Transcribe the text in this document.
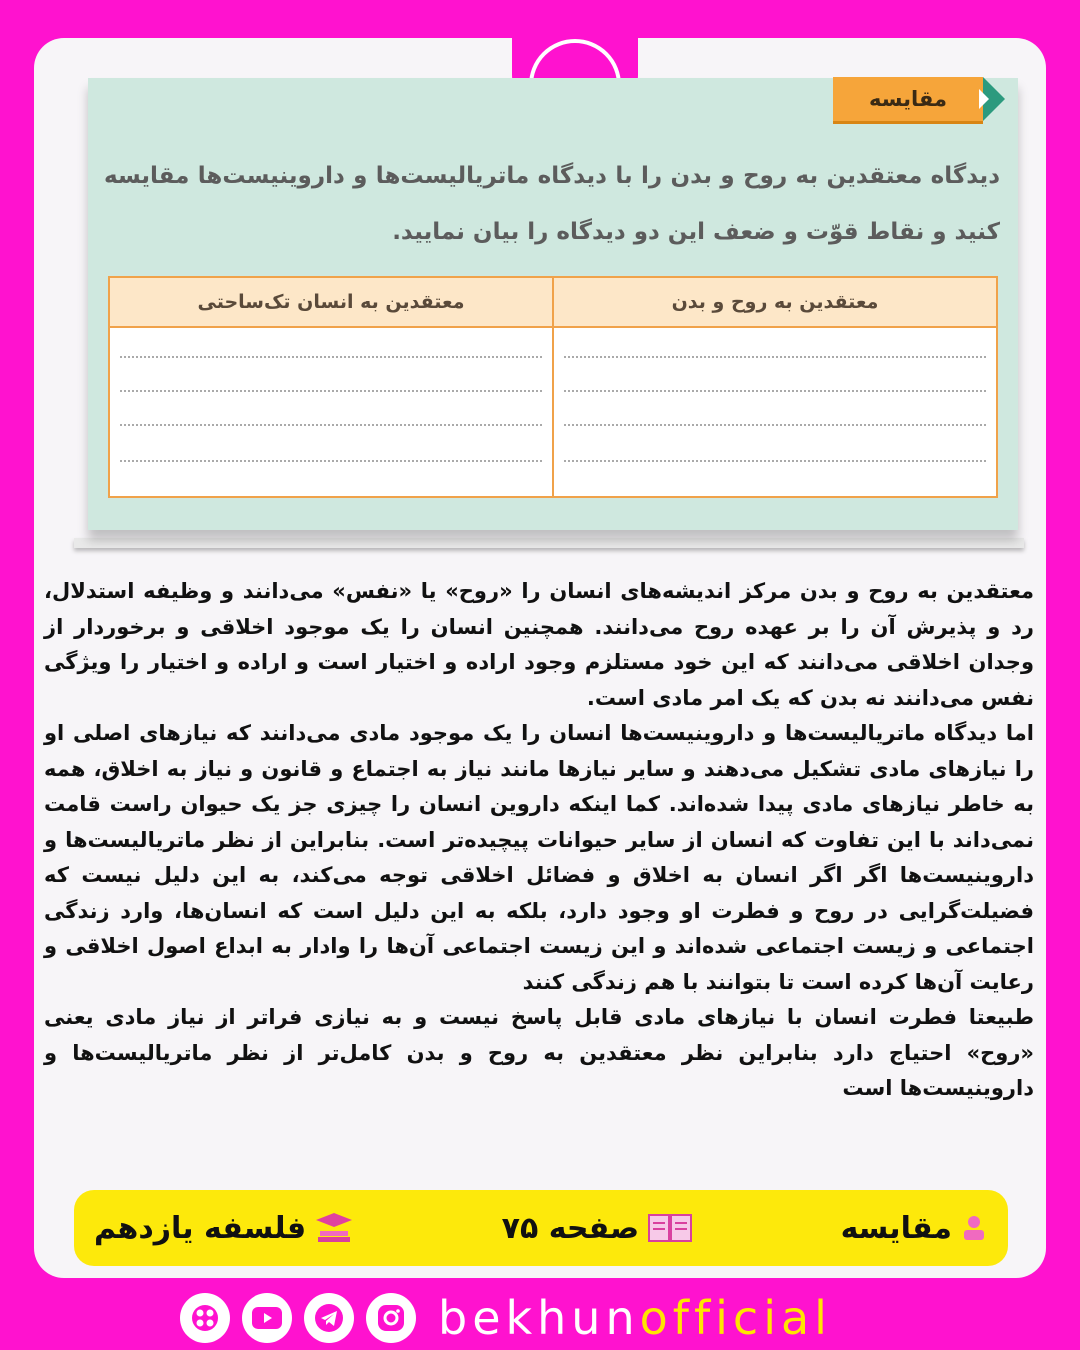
مقایسه
دیدگاه معتقدین به روح و بدن را با دیدگاه ماتریالیست‌ها و داروینیست‌ها مقایسه کنید و نقاط قوّت و ضعف این دو دیدگاه را بیان نمایید.
معتقدین به روح و بدن
معتقدین به انسان تک‌ساحتی

معتقدین به روح و بدن مرکز اندیشه‌های انسان را «روح» یا «نفس» می‌دانند و وظیفه استدلال، رد و پذیرش آن را بر عهده روح می‌دانند. همچنین انسان را یک موجود اخلاقی و برخوردار از وجدان اخلاقی می‌دانند که این خود مستلزم وجود اراده و اختیار است و اراده و اختیار را ویژگی نفس می‌دانند نه بدن که یک امر مادی است.

اما دیدگاه ماتریالیست‌ها و داروینیست‌ها انسان را یک موجود مادی می‌دانند که نیازهای اصلی او را نیازهای مادی تشکیل می‌دهند و سایر نیازها مانند نیاز به اجتماع و قانون و نیاز به اخلاق، همه به خاطر نیازهای مادی پیدا شده‌اند. کما اینکه داروین انسان را چیزی جز یک حیوان راست قامت نمی‌داند با این تفاوت که انسان از سایر حیوانات پیچیده‌تر است. بنابراین از نظر ماتریالیست‌ها و داروینیست‌ها اگر اگر انسان به اخلاق و فضائل اخلاقی توجه می‌کند، به این دلیل نیست که فضیلت‌گرایی در روح و فطرت او وجود دارد، بلکه به این دلیل است که انسان‌ها، وارد زندگی اجتماعی و زیست اجتماعی شده‌اند و این زیست اجتماعی آن‌ها را وادار به ابداع اصول اخلاقی و رعایت آن‌ها کرده است تا بتوانند با هم زندگی کنند

طبیعتا فطرت انسان با نیازهای مادی قابل پاسخ نیست و به نیازی فراتر از نیاز مادی یعنی «روح» احتیاج دارد بنابراین نظر معتقدین به روح و بدن کامل‌تر از نظر ماتریالیست‌ها و داروینیست‌ها است

مقایسه
صفحه ۷۵
فلسفه یازدهم
bekhunofficial
